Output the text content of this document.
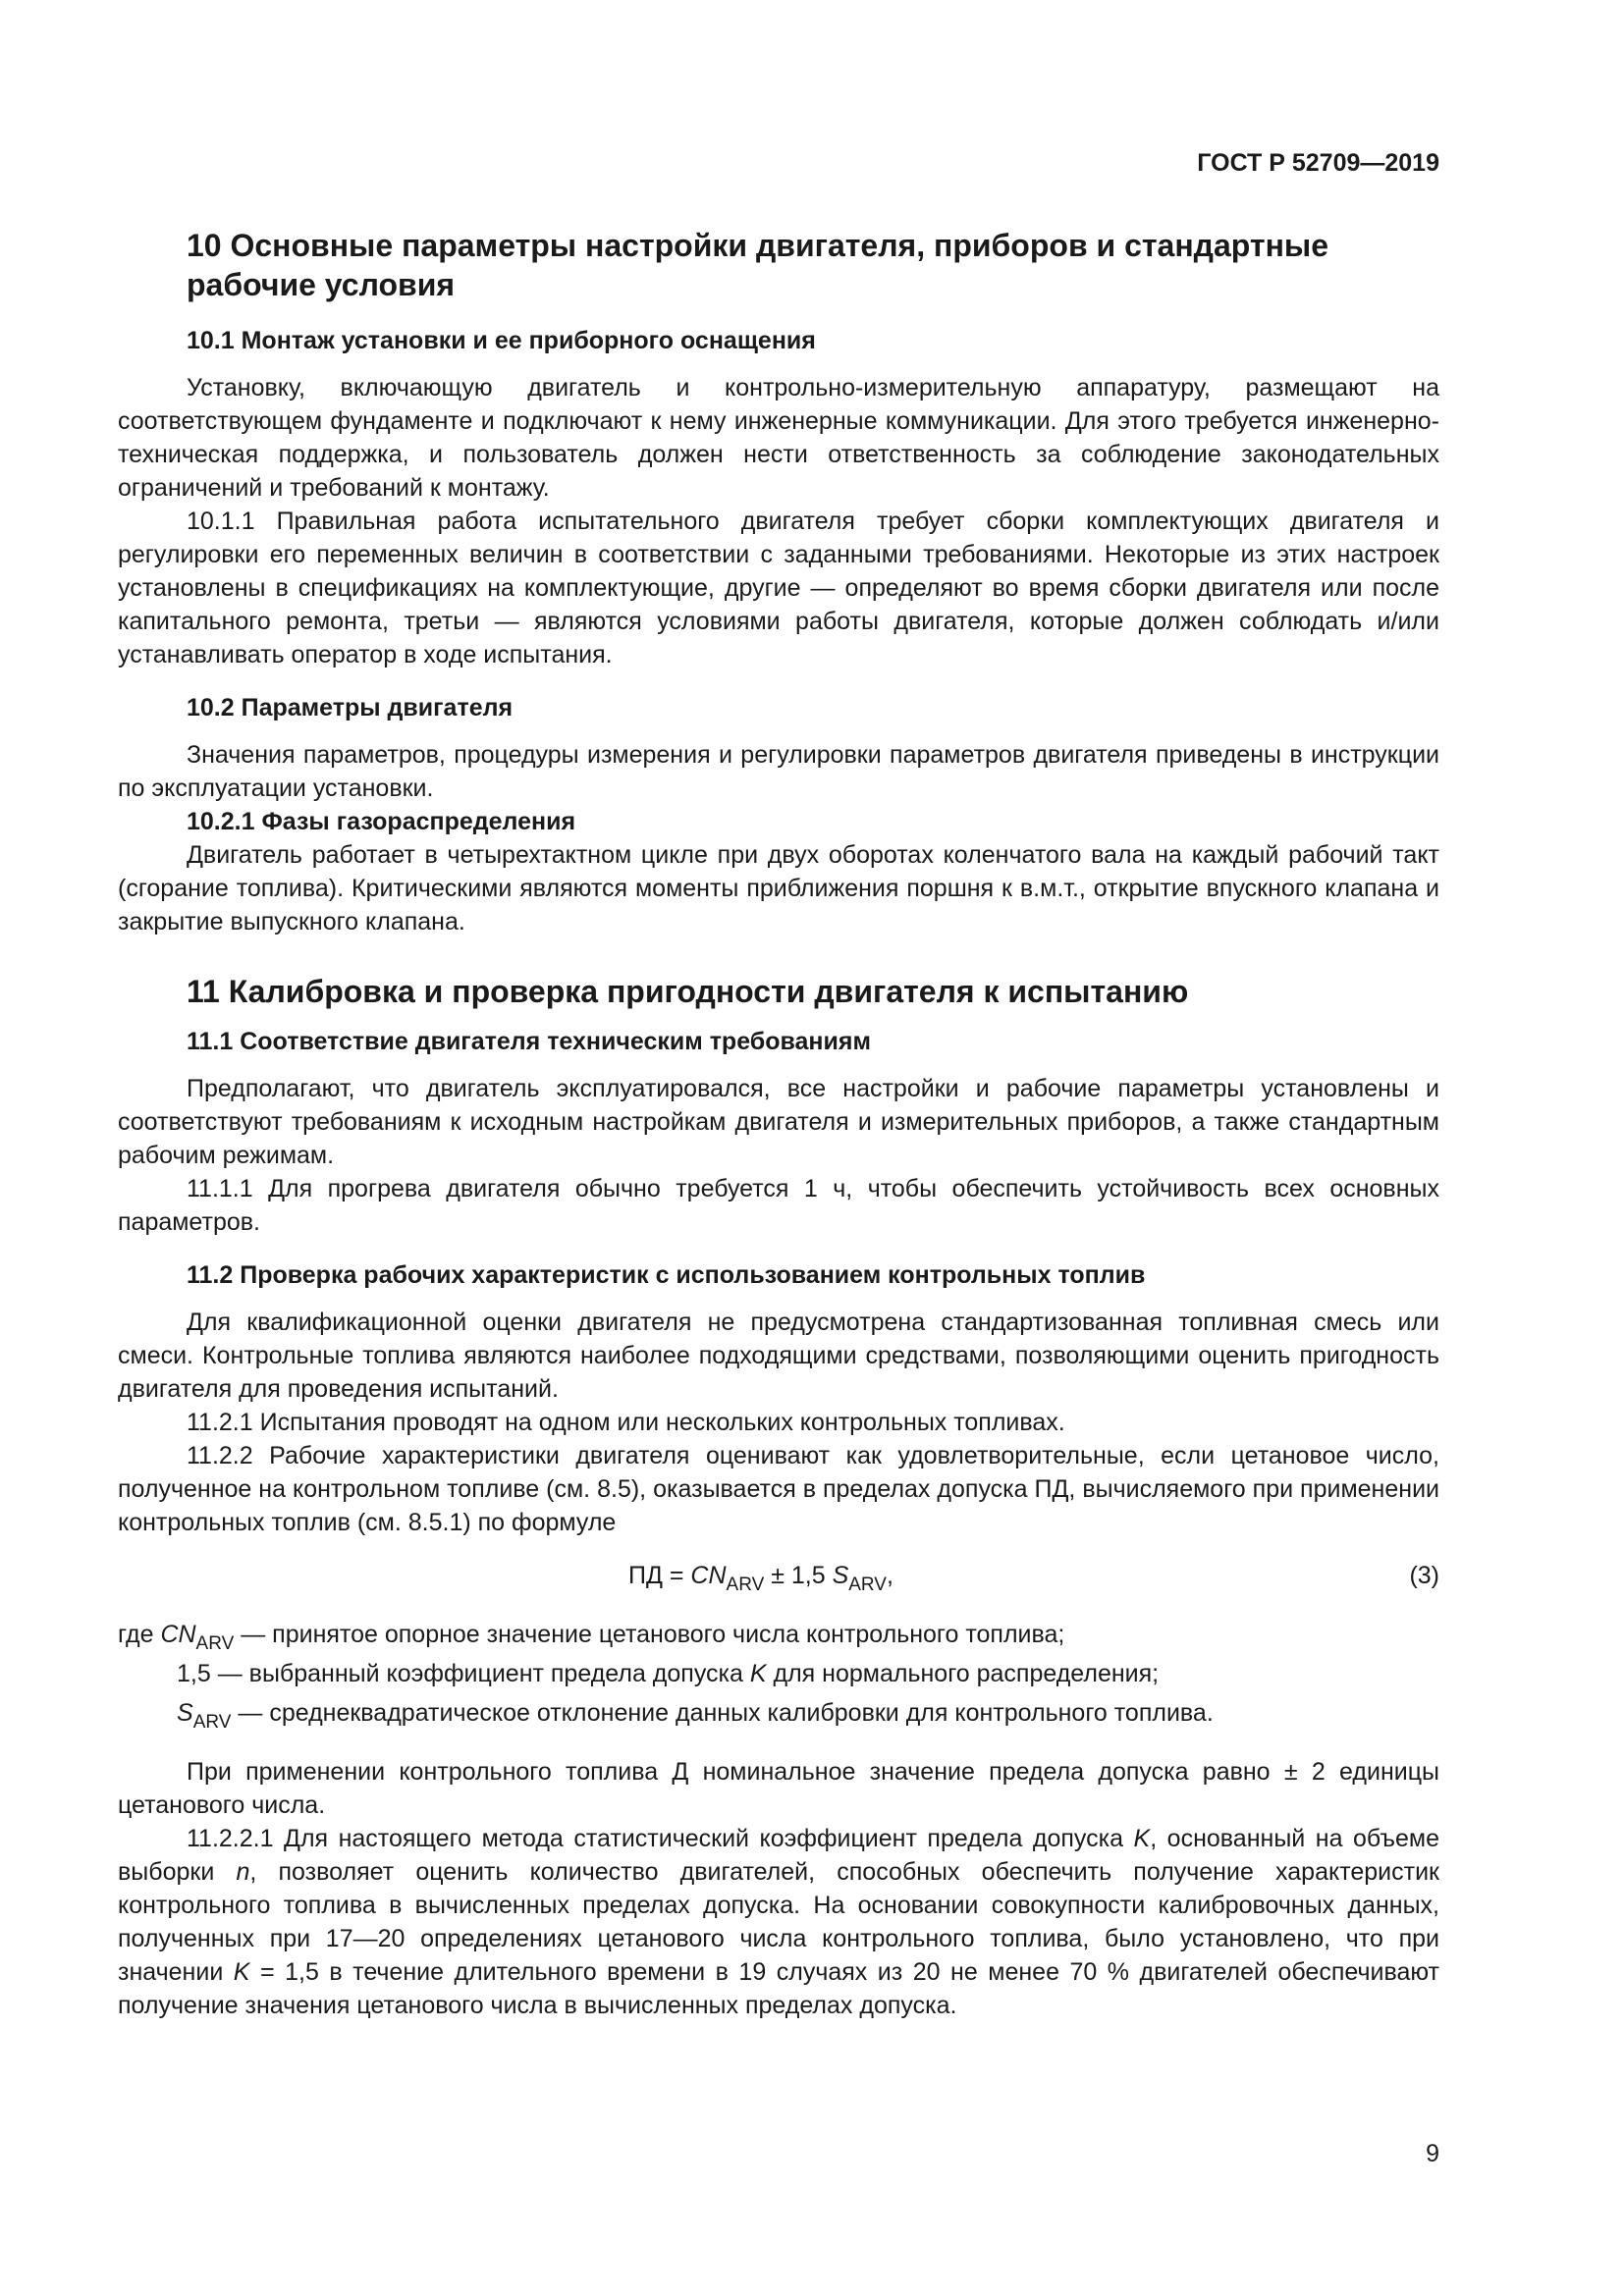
ГОСТ Р 52709—2019
10 Основные параметры настройки двигателя, приборов и стандартные
рабочие условия
10.1 Монтаж установки и ее приборного оснащения

Установку, включающую двигатель и контрольно-измерительную аппаратуру, размещают на соответствующем фундаменте и подключают к нему инженерные коммуникации. Для этого требуется инженерно-техническая поддержка, и пользователь должен нести ответственность за соблюдение законодательных ограничений и требований к монтажу.

10.1.1 Правильная работа испытательного двигателя требует сборки комплектующих двигателя и регулировки его переменных величин в соответствии с заданными требованиями. Некоторые из этих настроек установлены в спецификациях на комплектующие, другие — определяют во время сборки двигателя или после капитального ремонта, третьи — являются условиями работы двигателя, которые должен соблюдать и/или устанавливать оператор в ходе испытания.

10.2 Параметры двигателя

Значения параметров, процедуры измерения и регулировки параметров двигателя приведены в инструкции по эксплуатации установки.

10.2.1 Фазы газораспределения

Двигатель работает в четырехтактном цикле при двух оборотах коленчатого вала на каждый рабочий такт (сгорание топлива). Критическими являются моменты приближения поршня к в.м.т., открытие впускного клапана и закрытие выпускного клапана.

11 Калибровка и проверка пригодности двигателя к испытанию
11.1 Соответствие двигателя техническим требованиям

Предполагают, что двигатель эксплуатировался, все настройки и рабочие параметры установлены и соответствуют требованиям к исходным настройкам двигателя и измерительных приборов, а также стандартным рабочим режимам.

11.1.1 Для прогрева двигателя обычно требуется 1 ч, чтобы обеспечить устойчивость всех основных параметров.

11.2 Проверка рабочих характеристик с использованием контрольных топлив

Для квалификационной оценки двигателя не предусмотрена стандартизованная топливная смесь или смеси. Контрольные топлива являются наиболее подходящими средствами, позволяющими оценить пригодность двигателя для проведения испытаний.

11.2.1 Испытания проводят на одном или нескольких контрольных топливах.

11.2.2 Рабочие характеристики двигателя оценивают как удовлетворительные, если цетановое число, полученное на контрольном топливе (см. 8.5), оказывается в пределах допуска ПД, вычисляемого при применении контрольных топлив (см. 8.5.1) по формуле

ПД = $CN_{ARV} \pm 1,5$ $S_{ARV}$,	(3)
где $CN_{ARV}$ — принятое опорное значение цетанового числа контрольного топлива;
1,5 — выбранный коэффициент предела допуска K для нормального распределения;
$S_{ARV}$ — среднеквадратическое отклонение данных калибровки для контрольного топлива.

При применении контрольного топлива Д номинальное значение предела допуска равно ± 2 единицы цетанового числа.

11.2.2.1 Для настоящего метода статистический коэффициент предела допуска K, основанный на объеме выборки n, позволяет оценить количество двигателей, способных обеспечить получение характеристик контрольного топлива в вычисленных пределах допуска. На основании совокупности калибровочных данных, полученных при 17—20 определениях цетанового числа контрольного топлива, было установлено, что при значении K = 1,5 в течение длительного времени в 19 случаях из 20 не менее 70 % двигателей обеспечивают получение значения цетанового числа в вычисленных пределах допуска.

9
